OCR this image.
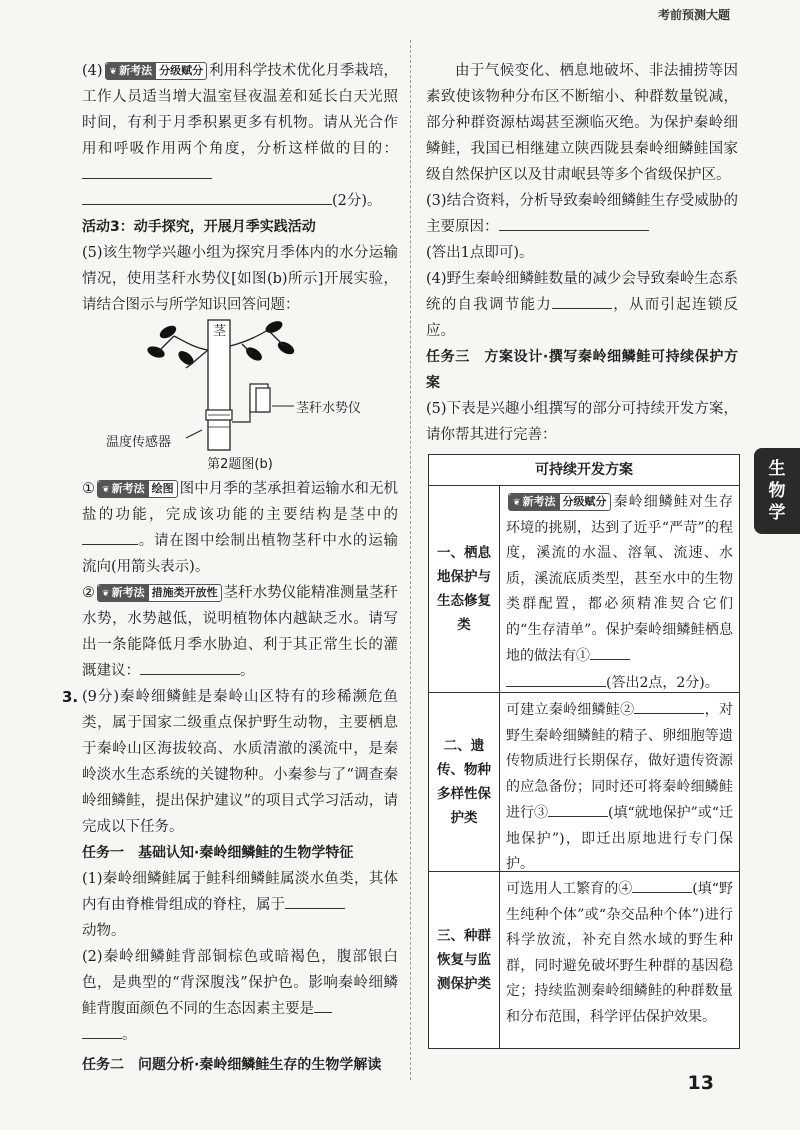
考前预测大题

(4) ❦ 新考法 分级赋分 利用科学技术优化月季栽培，工作人员适当增大温室昼夜温差和延长白天光照时间，有利于月季积累更多有机物。请从光合作用和呼吸作用两个角度，分析这样做的目的：
(2分)。

活动3：动手探究，开展月季实践活动

(5)该生物学兴趣小组为探究月季体内的水分运输情况，使用茎秆水势仪[如图(b)所示]开展实验，请结合图示与所学知识回答问题：

茎
茎秆水势仪
温度传感器
第2题图(b)

① ❦ 新考法 绘图 图中月季的茎承担着运输水和无机盐的功能，完成该功能的主要结构是茎中的。请在图中绘制出植物茎秆中水的运输流向(用箭头表示)。

② ❦ 新考法 措施类开放性 茎秆水势仪能精准测量茎秆水势，水势越低，说明植物体内越缺乏水。请写出一条能降低月季水胁迫、利于其正常生长的灌溉建议：	。

3. (9分)秦岭细鳞鲑是秦岭山区特有的珍稀濒危鱼类，属于国家二级重点保护野生动物，主要栖息于秦岭山区海拔较高、水质清澈的溪流中，是秦岭淡水生态系统的关键物种。小秦参与了“调查秦岭细鳞鲑，提出保护建议”的项目式学习活动，请完成以下任务。

任务一　基础认知·秦岭细鳞鲑的生物学特征

(1)秦岭细鳞鲑属于鲑科细鳞鲑属淡水鱼类，其体内有由脊椎骨组成的脊柱，属于
动物。

(2)秦岭细鳞鲑背部铜棕色或暗褐色，腹部银白色，是典型的“背深腹浅”保护色。影响秦岭细鳞鲑背腹面颜色不同的生态因素主要是
。

任务二　问题分析·秦岭细鳞鲑生存的生物学解读

由于气候变化、栖息地破坏、非法捕捞等因素致使该物种分布区不断缩小、种群数量锐减，部分种群资源枯竭甚至濒临灭绝。为保护秦岭细鳞鲑，我国已相继建立陕西陇县秦岭细鳞鲑国家级自然保护区以及甘肃岷县等多个省级保护区。

(3)结合资料，分析导致秦岭细鳞鲑生存受威胁的主要原因：
(答出1点即可)。

(4)野生秦岭细鳞鲑数量的减少会导致秦岭生态系统的自我调节能力	，从而引起连锁反应。

任务三　方案设计·撰写秦岭细鳞鲑可持续保护方案

(5)下表是兴趣小组撰写的部分可持续开发方案，请你帮其进行完善：

可持续开发方案
一、栖息地保护与生态修复类
❦ 新考法 分级赋分 秦岭细鳞鲑对生存环境的挑剔，达到了近乎“严苛”的程度，溪流的水温、溶氧、流速、水质，溪流底质类型，甚至水中的生物类群配置，都必须精准契合它们的“生存清单”。保护秦岭细鳞鲑栖息地的做法有①
(答出2点，2分)。
二、遗传、物种多样性保护类
可建立秦岭细鳞鲑②	，对野生秦岭细鳞鲑的精子、卵细胞等遗传物质进行长期保存，做好遗传资源的应急备份；同时还可将秦岭细鳞鲑进行③	(填“就地保护”或“迁地保护”)，即迁出原地进行专门保护。
三、种群恢复与监测保护类
可选用人工繁育的④	(填“野生纯种个体”或“杂交品种个体”)进行科学放流，补充自然水域的野生种群，同时避免破坏野生种群的基因稳定；持续监测秦岭细鳞鲑的种群数量和分布范围，科学评估保护效果。
生
物
学
13
